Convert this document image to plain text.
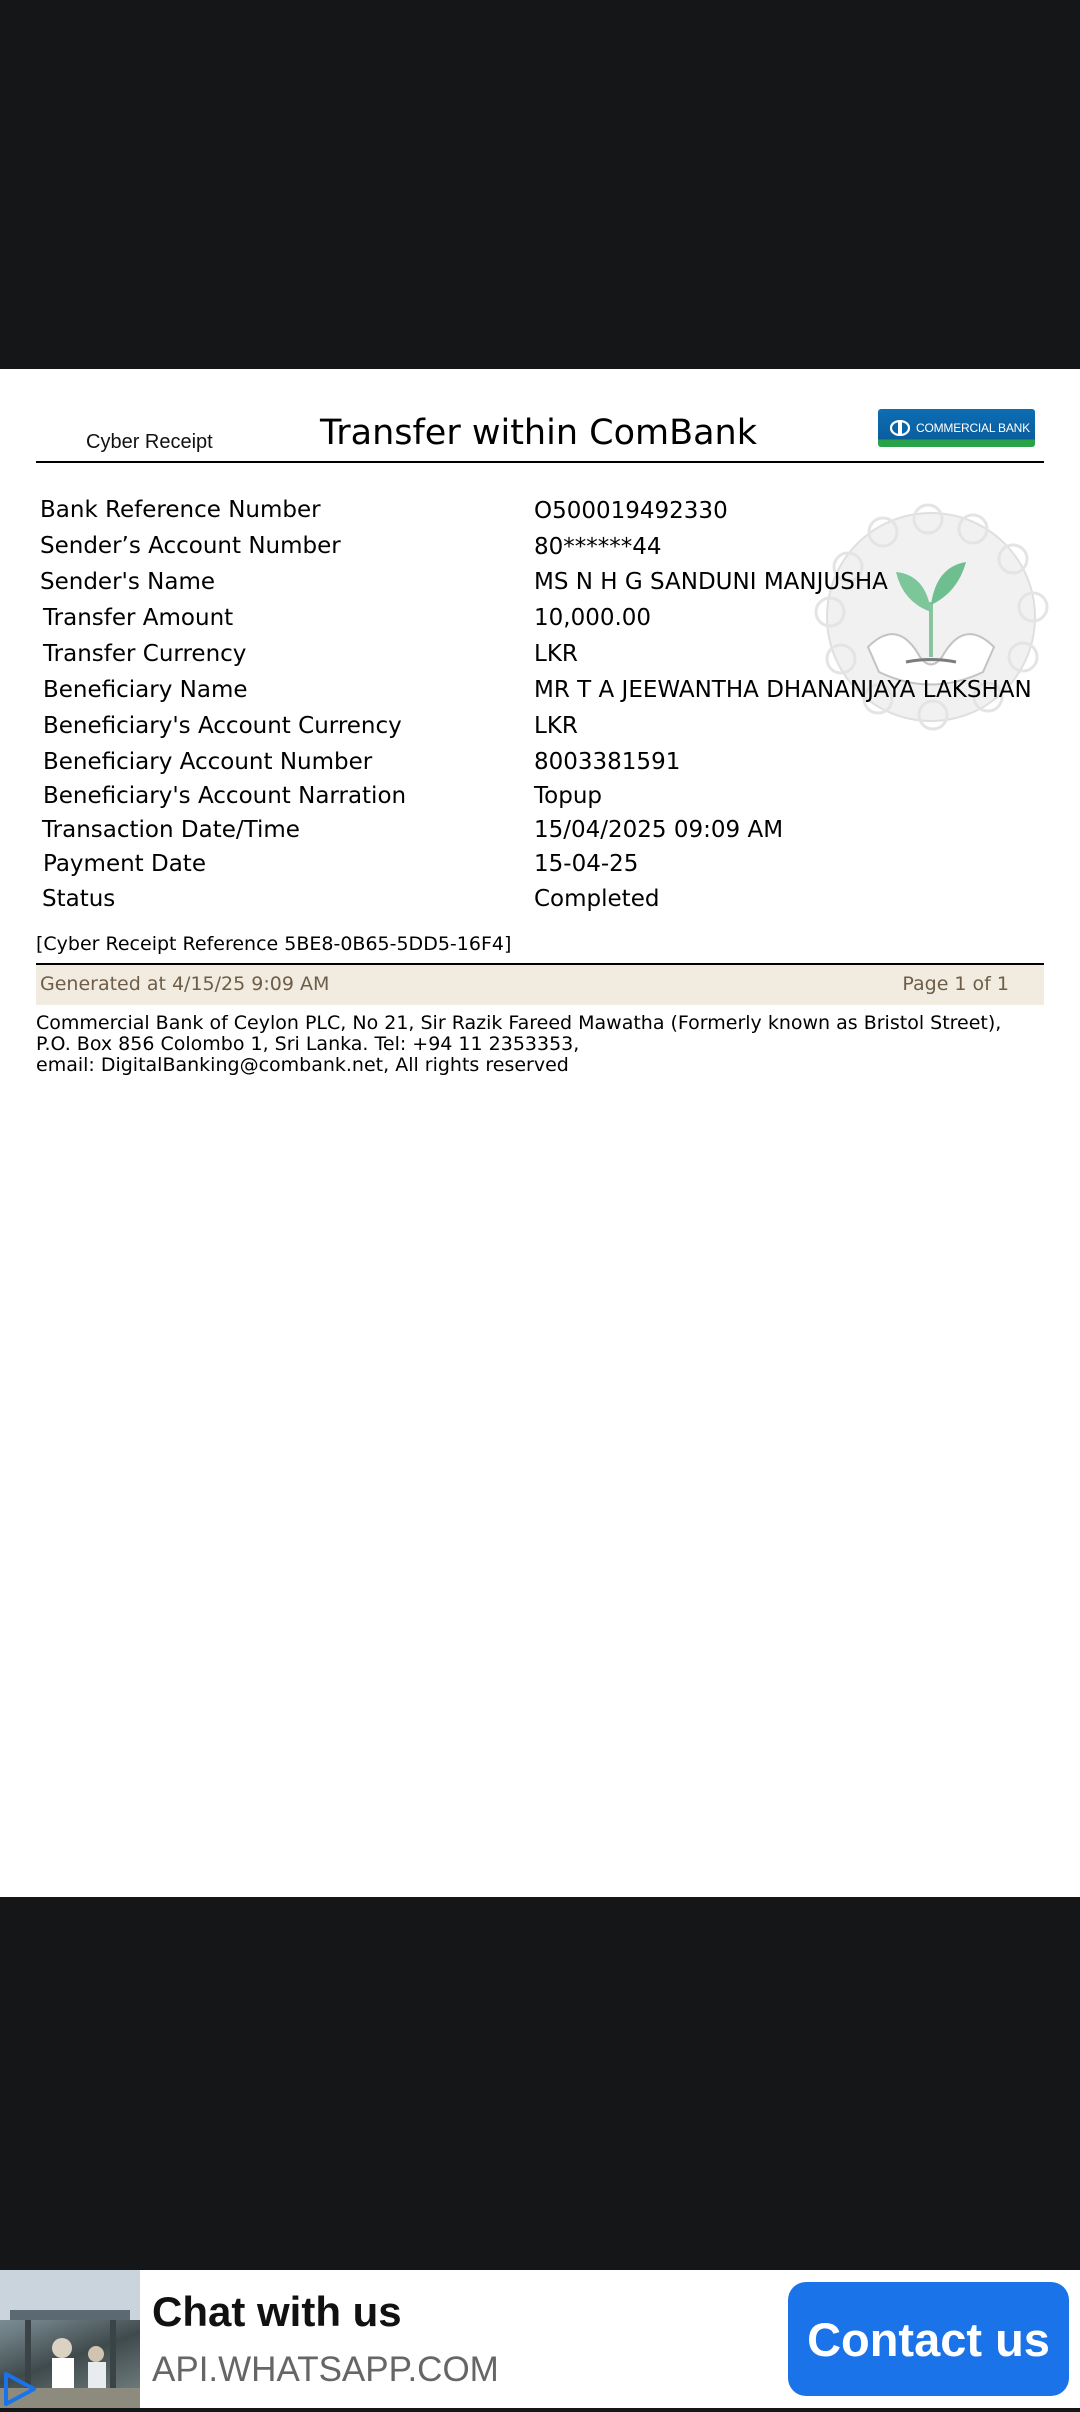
Cyber Receipt	Transfer within ComBank	COMMERCIAL BANK
Bank Reference Number	O500019492330
Sender’s Account Number	80******44
Sender's Name	MS N H G SANDUNI MANJUSHA
Transfer Amount	10,000.00
Transfer Currency	LKR
Beneficiary Name	MR T A JEEWANTHA DHANANJAYA LAKSHAN
Beneficiary's Account Currency	LKR
Beneficiary Account Number	8003381591
Beneficiary's Account Narration	Topup
Transaction Date/Time	15/04/2025 09:09 AM
Payment Date	15-04-25
Status	Completed
[Cyber Receipt Reference 5BE8-0B65-5DD5-16F4]
Generated at 4/15/25 9:09 AM	Page 1 of 1
Commercial Bank of Ceylon PLC, No 21, Sir Razik Fareed Mawatha (Formerly known as Bristol Street),
P.O. Box 856 Colombo 1, Sri Lanka. Tel: +94 11 2353353,
email: DigitalBanking@combank.net, All rights reserved
Chat with us
API.WHATSAPP.COM
Contact us
